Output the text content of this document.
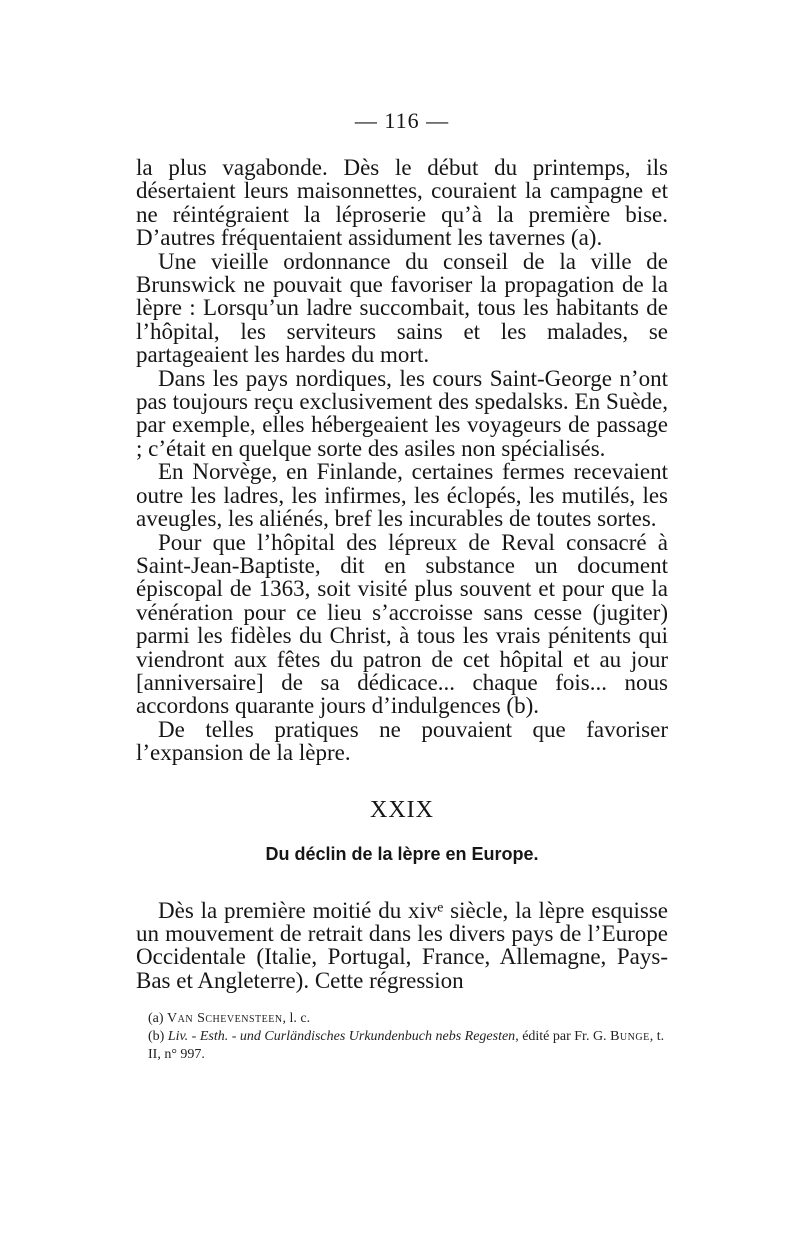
— 116 —

la plus vagabonde. Dès le début du printemps, ils désertaient leurs maisonnettes, couraient la campagne et ne réintégraient la léproserie qu’à la première bise. D’autres fréquentaient assidument les tavernes (a).

Une vieille ordonnance du conseil de la ville de Brunswick ne pouvait que favoriser la propagation de la lèpre : Lorsqu’un ladre succombait, tous les habitants de l’hôpital, les serviteurs sains et les malades, se partageaient les hardes du mort.

Dans les pays nordiques, les cours Saint-George n’ont pas toujours reçu exclusivement des spedalsks. En Suède, par exemple, elles hébergeaient les voyageurs de passage ; c’était en quelque sorte des asiles non spécialisés.

En Norvège, en Finlande, certaines fermes recevaient outre les ladres, les infirmes, les éclopés, les mutilés, les aveugles, les aliénés, bref les incurables de toutes sortes.

Pour que l’hôpital des lépreux de Reval consacré à Saint-Jean-Baptiste, dit en substance un document épiscopal de 1363, soit visité plus souvent et pour que la vénération pour ce lieu s’accroisse sans cesse (jugiter) parmi les fidèles du Christ, à tous les vrais pénitents qui viendront aux fêtes du patron de cet hôpital et au jour [anniversaire] de sa dédicace... chaque fois... nous accordons quarante jours d’indulgences (b).

De telles pratiques ne pouvaient que favoriser l’expansion de la lèpre.

XXIX
Du déclin de la lèpre en Europe.

Dès la première moitié du xivᵉ siècle, la lèpre esquisse un mouvement de retrait dans les divers pays de l’Europe Occidentale (Italie, Portugal, France, Allemagne, Pays-Bas et Angleterre). Cette régression

(a) Van Schevensteen, l. c.

(b) Liv. - Esth. - und Curländisches Urkundenbuch nebs Regesten, édité par Fr. G. Bunge, t. II, n° 997.
